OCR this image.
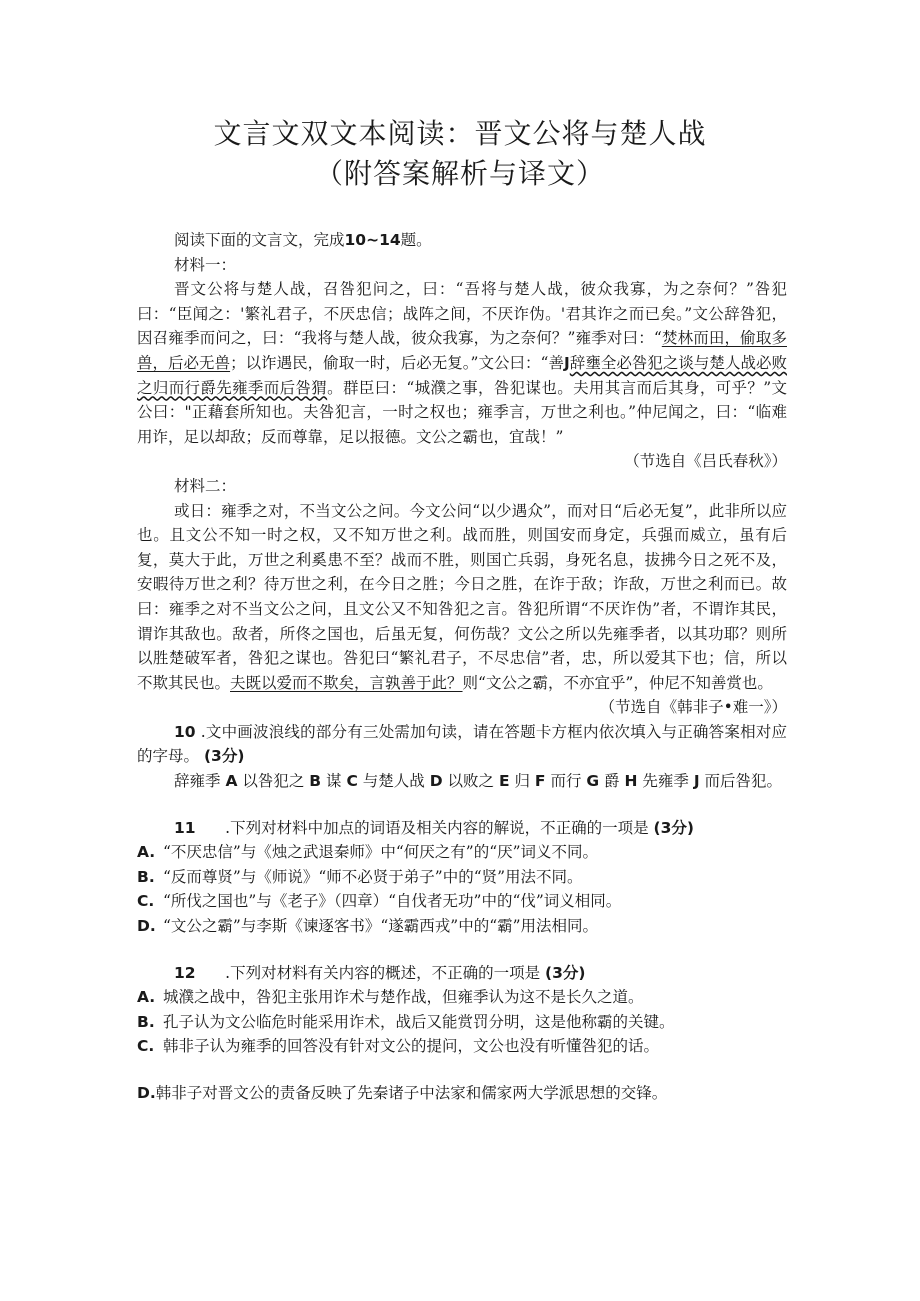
文言文双文本阅读：晋文公将与楚人战
（附答案解析与译文）

阅读下面的文言文，完成10~14题。

材料一：

晋文公将与楚人战，召咎犯问之，曰：“吾将与楚人战，彼众我寡，为之奈何？”咎犯曰：“臣闻之：'繁礼君子，不厌忠信；战阵之间，不厌诈伪。'君其诈之而已矣。”文公辞咎犯，因召雍季而问之，曰：“我将与楚人战，彼众我寡，为之奈何？”雍季对曰：“焚林而田，偷取多兽，后必无兽；以诈遇民，偷取一时，后必无复。”文公曰：“善J辞壅全必咎犯之谈与楚人战必败之归而行爵先雍季而后咎猬。群臣曰：“城濮之事，咎犯谋也。夫用其言而后其身，可乎？”文公曰："正藉套所知也。夫咎犯言，一时之权也；雍季言，万世之利也。”仲尼闻之，曰：“临难用诈，足以却敌；反而尊靠，足以报德。文公之霸也，宜哉！”

（节选自《吕氏春秋》）

材料二：

或日：雍季之对，不当文公之问。今文公问“以少遇众”，而对日“后必无复”，此非所以应也。且文公不知一时之权，又不知万世之利。战而胜，则国安而身定，兵强而威立，虽有后复，莫大于此，万世之利奚患不至？战而不胜，则国亡兵弱，身死名息，拔拂今日之死不及，安暇待万世之利？待万世之利，在今日之胜；今日之胜，在诈于敌；诈敌，万世之利而已。故曰：雍季之对不当文公之问，且文公又不知咎犯之言。咎犯所谓“不厌诈伪”者，不谓诈其民，谓诈其敌也。敌者，所佟之国也，后虽无复，何伤哉？文公之所以先雍季者，以其功耶？则所以胜楚破军者，咎犯之谋也。咎犯曰“繁礼君子，不尽忠信”者，忠，所以爱其下也；信，所以不欺其民也。夫既以爱而不欺矣，言孰善于此？则“文公之霸，不亦宜乎”，仲尼不知善赏也。

（节选自《韩非子•难一》）

10 .文中画波浪线的部分有三处需加句读，请在答题卡方框内依次填入与正确答案相对应的字母。 (3分)

辞雍季 A 以咎犯之 B 谋 C 与楚人战 D 以败之 E 归 F 而行 G 爵 H 先雍季 J 而后咎犯。

11      .下列对材料中加点的词语及相关内容的解说，不正确的一项是 (3分)

A. “不厌忠信”与《烛之武退秦师》中“何厌之有”的“厌”词义不同。
B. “反而尊贤”与《师说》“师不必贤于弟子”中的“贤”用法不同。
C. “所伐之国也”与《老子》（四章）“自伐者无功”中的“伐”词义相同。
D. “文公之霸”与李斯《谏逐客书》“遂霸西戎”中的“霸”用法相同。

12      .下列对材料有关内容的概述，不正确的一项是 (3分)

A. 城濮之战中，咎犯主张用诈术与楚作战，但雍季认为这不是长久之道。
B. 孔子认为文公临危时能采用诈术，战后又能赏罚分明，这是他称霸的关键。
C. 韩非子认为雍季的回答没有针对文公的提问，文公也没有听懂咎犯的话。

D.韩非子对晋文公的责备反映了先秦诸子中法家和儒家两大学派思想的交锋。
